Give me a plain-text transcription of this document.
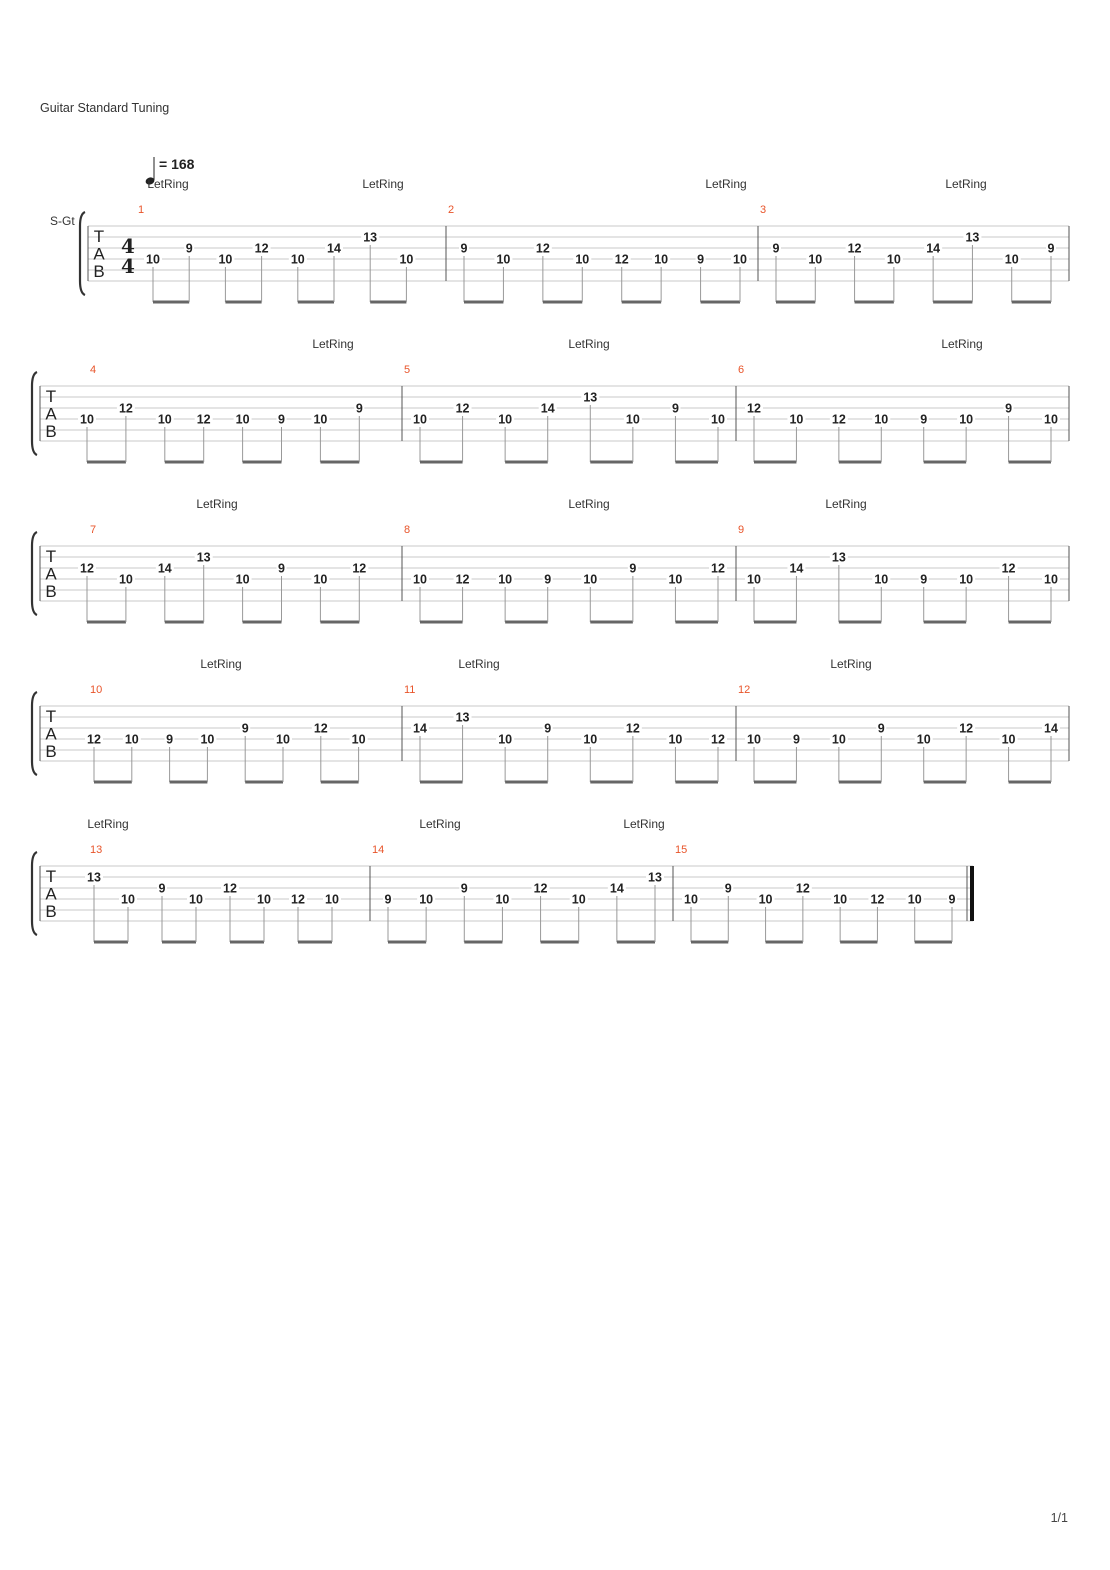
Guitar Standard Tuning
T
A
B
4
4
S-Gt
= 168
LetRing	LetRing	LetRing	LetRing
1
10
9
10
12
10
14
13
10
2
9
10
12
10 12 10 9 10
3
9
10
12
10
14
13
10
9
T
A
B
LetRing	LetRing	LetRing
4
10
12
10 12 10 9 10
9
5
10
12
10
14
13
10
9
10
6
12
10 12 10	9	10
9
10
T
A
B
LetRing	LetRing	LetRing
7
12
10
14
13
10
9
10
12
8
10 12 10	9	10
9
10
12
9
10
14
13
10	9	10
12
10
T
A
B
LetRing	LetRing	LetRing
10
12 10 9 10
9
10
12
10
11
14
13
10
9
10
12
10 12
12
10	9	10
9
10
12
10
14
T
A
B
LetRing	LetRing	LetRing
13
13
10
9
10
12
10 12 10
14
9 10
9
10
12
10
14
13
15
10
9
10
12
10 12 10 9
1/1
